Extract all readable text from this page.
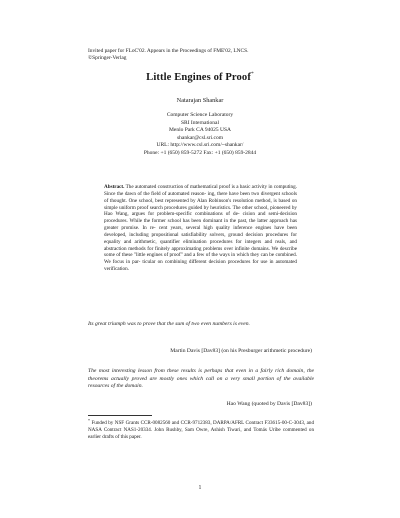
Invited paper for FLoC'02. Appears in the Proceedings of FME'02, LNCS.
©Springer-Verlag
Little Engines of Proof*
Natarajan Shankar
Computer Science Laboratory
SRI International
Menlo Park CA 94025 USA
shankar@csl.sri.com
URL: http://www.csl.sri.com/~shankar/
Phone: +1 (650) 859-5272 Fax: +1 (650) 859-2844
Abstract. The automated construction of mathematical proof is a basic activity in computing. Since the dawn of the field of automated reason- ing, there have been two divergent schools of thought. One school, best represented by Alan Robinson's resolution method, is based on simple uniform proof search procedures guided by heuristics. The other school, pioneered by Hao Wang, argues for problem-specific combinations of de- cision and semi-decision procedures. While the former school has been dominant in the past, the latter approach has greater promise. In re- cent years, several high quality inference engines have been developed, including propositional satisfiability solvers, ground decision procedures for equality and arithmetic, quantifier elimination procedures for integers and reals, and abstraction methods for finitely approximating problems over infinite domains. We describe some of these "little engines of proof" and a few of the ways in which they can be combined. We focus in par- ticular on combining different decision procedures for use in automated verification.
Its great triumph was to prove that the sum of two even numbers is even.
Martin Davis [Dav83] (on his Presburger arithmetic procedure)
The most interesting lesson from these results is perhaps that even in a fairly rich domain, the theorems actually proved are mostly ones which call on a very small portion of the available resources of the domain.
Hao Wang (quoted by Davis [Dav83])
* Funded by NSF Grants CCR-0082560 and CCR-9712383, DARPA/AFRL Contract F33615-00-C-3043, and NASA Contract NAS1-20334. John Rushby, Sam Owre, Ashish Tiwari, and Tomás Uribe commented on earlier drafts of this paper.
1
